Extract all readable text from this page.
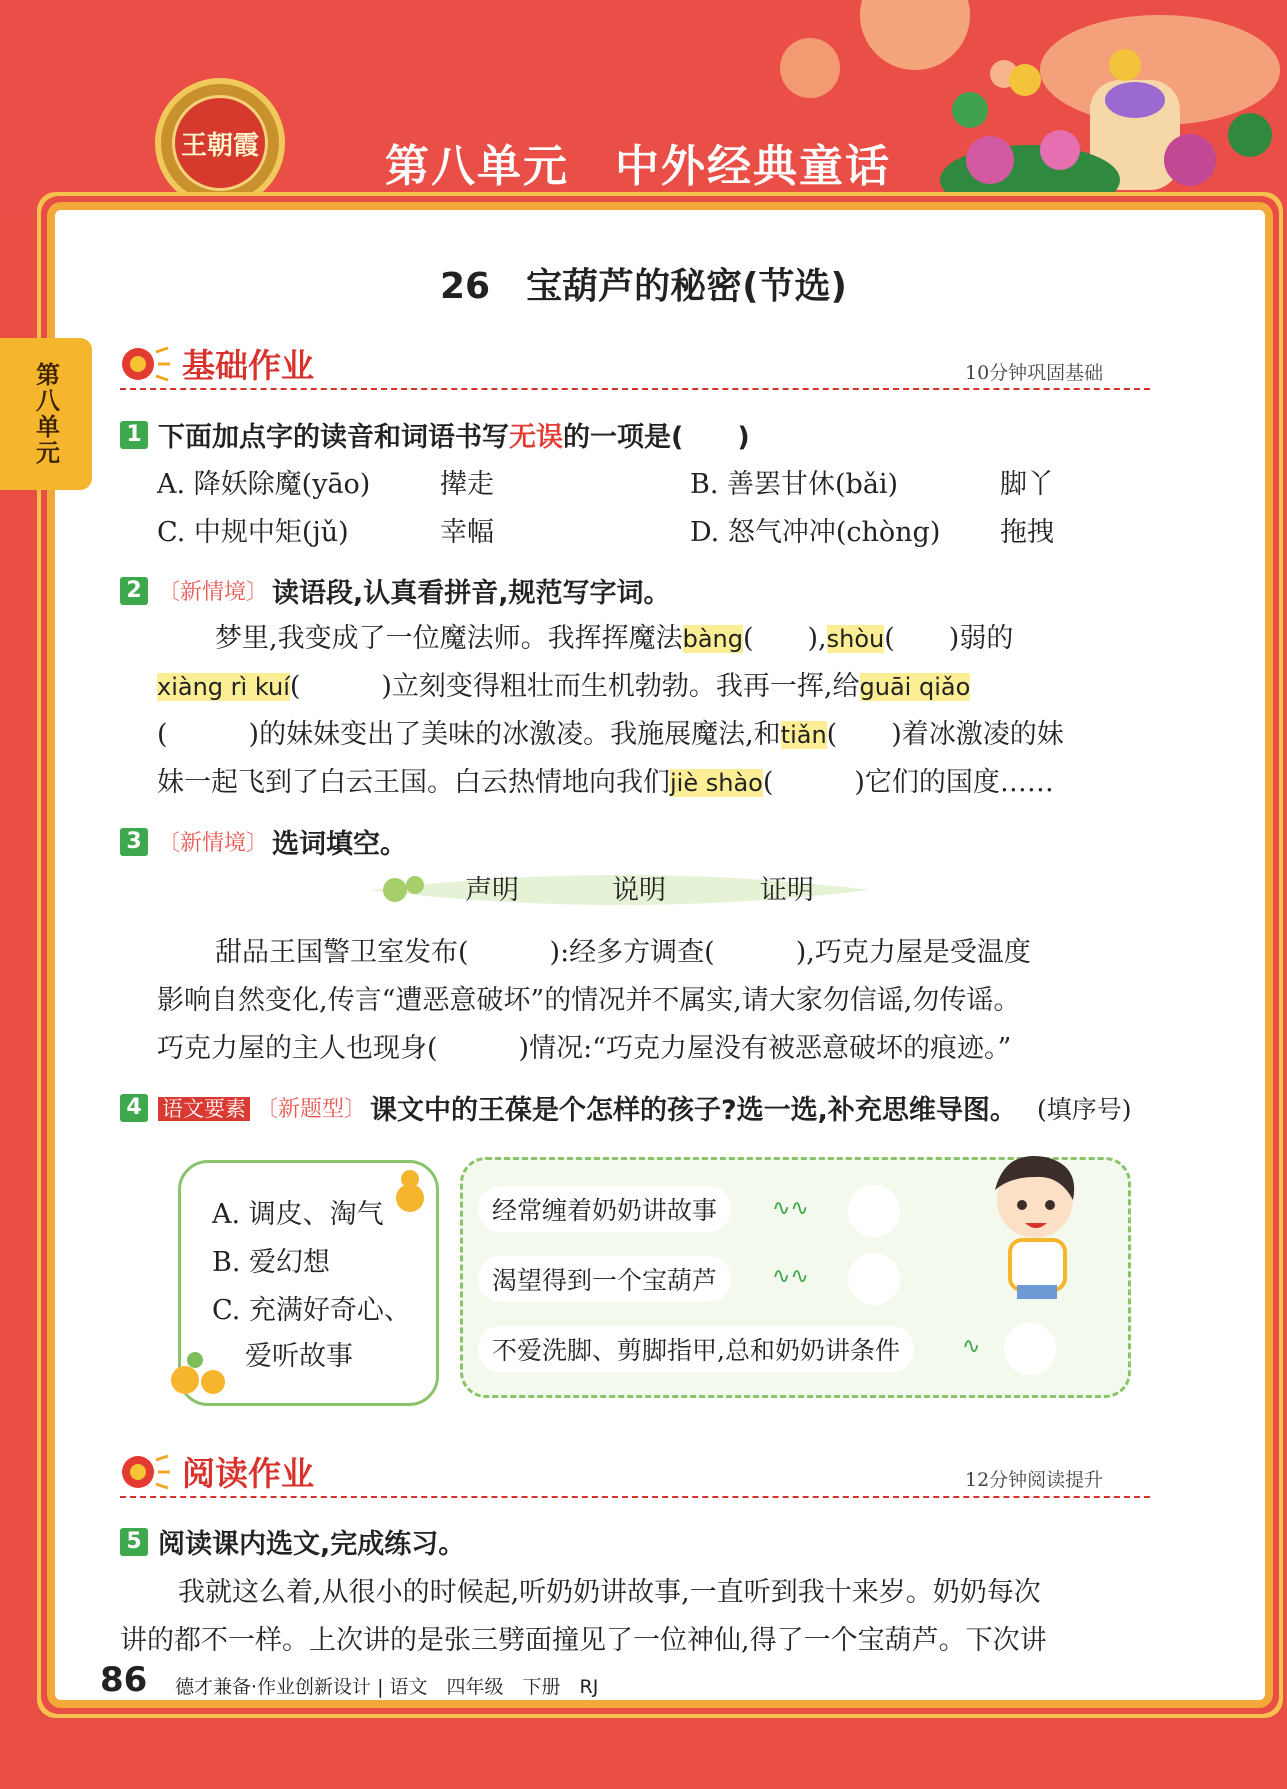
王朝霞	第八单元　中外经典童话
第八单元
26　宝葫芦的秘密(节选)
基础作业	10分钟巩固基础
1 下面加点字的读音和词语书写无误的一项是(　　)
A. 降妖除魔(yāo)	撵走	B. 善罢甘休(bǎi)	脚丫
C. 中规中矩(jǔ)	幸幅	D. 怒气冲冲(chòng) 拖拽
2 〔新情境〕 读语段,认真看拼音,规范写字词。
梦里,我变成了一位魔法师。我挥挥魔法bàng(　　),shòu(　　)弱的
xiàng rì kuí(　　　)立刻变得粗壮而生机勃勃。我再一挥,给guāi qiǎo
(　　　)的妹妹变出了美味的冰激凌。我施展魔法,和tiǎn(　　)着冰激凌的妹
妹一起飞到了白云王国。白云热情地向我们jiè shào(　　　)它们的国度……
3 〔新情境〕 选词填空。
声明	说明	证明
甜品王国警卫室发布(　　　):经多方调查(　　　),巧克力屋是受温度
影响自然变化,传言“遭恶意破坏”的情况并不属实,请大家勿信谣,勿传谣。
巧克力屋的主人也现身(　　　)情况:“巧克力屋没有被恶意破坏的痕迹。”
4 语文要素 〔新题型〕 课文中的王葆是个怎样的孩子?选一选,补充思维导图。 (填序号)
A. 调皮、淘气
B. 爱幻想
C. 充满好奇心、
爱听故事
经常缠着奶奶讲故事	∿∿
渴望得到一个宝葫芦	∿∿
不爱洗脚、剪脚指甲,总和奶奶讲条件	∿
阅读作业	12分钟阅读提升
5 阅读课内选文,完成练习。
我就这么着,从很小的时候起,听奶奶讲故事,一直听到我十来岁。奶奶每次
讲的都不一样。上次讲的是张三劈面撞见了一位神仙,得了一个宝葫芦。下次讲
86 德才兼备·作业创新设计 | 语文　四年级　下册　RJ
